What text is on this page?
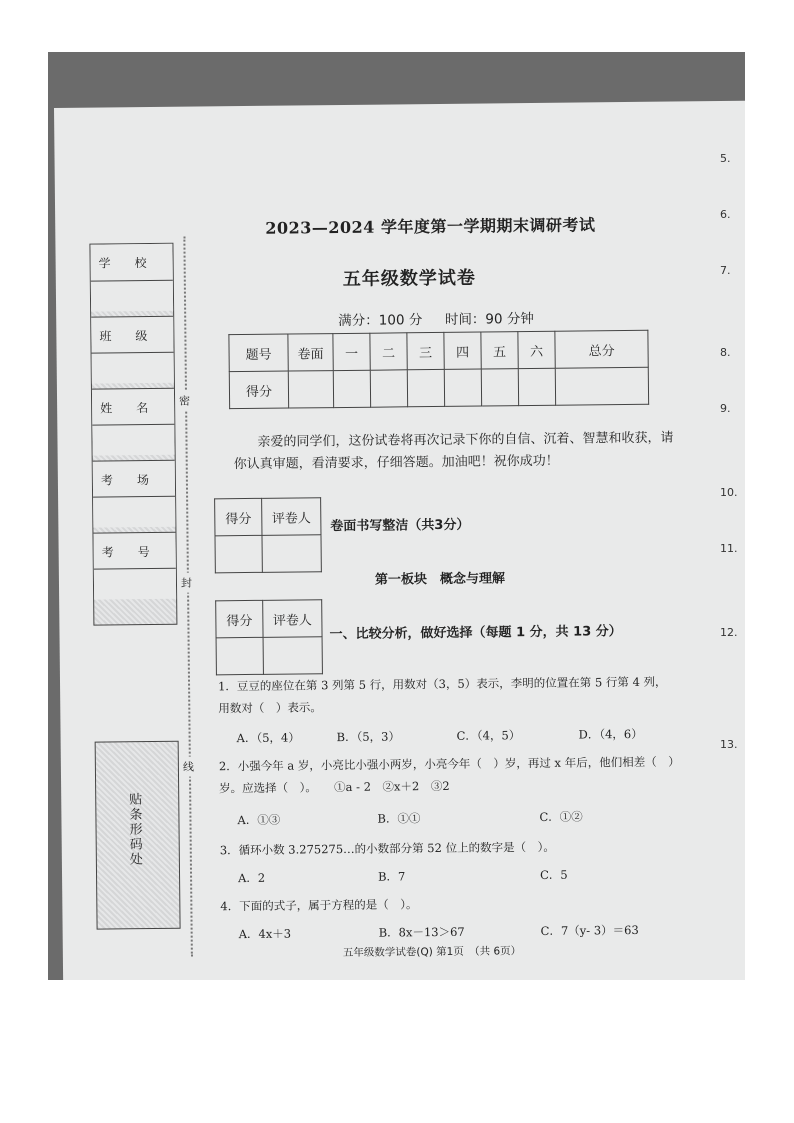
学　　校
班　　级
姓　　名
考　　场
考　　号
贴条形码处
密
封
线
2023—2024 学年度第一学期期末调研考试
五年级数学试卷
满分：100 分 时间：90 分钟
题号	卷面	一	二	三	四	五	六	总分
得分								
亲爱的同学们，这份试卷将再次记录下你的自信、沉着、智慧和收获，请你认真审题，看清要求，仔细答题。加油吧！祝你成功！
得分	评卷人
	卷面书写整洁（共3分）
第一板块　概念与理解
得分	评卷人

一、比较分析，做好选择（每题 1 分，共 13 分）
1．豆豆的座位在第 3 列第 5 行，用数对（3，5）表示，李明的位置在第 5 行第 4 列，
用数对（　）表示。
A．（5，4）	B．（5，3）	C．（4，5）	D．（4，6）
2．小强今年 a 岁，小亮比小强小两岁，小亮今年（　）岁，再过 x 年后，他们相差（　）
岁。应选择（　）。　　①a - 2　②x＋2　③2
A．①③	B．①①	C．①②
3．循环小数 3.275275…的小数部分第 52 位上的数字是（　）。
A．2	B．7	C．5
4．下面的式子，属于方程的是（　）。
A．4x＋3	B．8x－13＞67	C．7（y- 3）＝63
五年级数学试卷(Q) 第1页　（共 6页）
5.
6.
7.
8.
9.
10.
11.
12.
13.
